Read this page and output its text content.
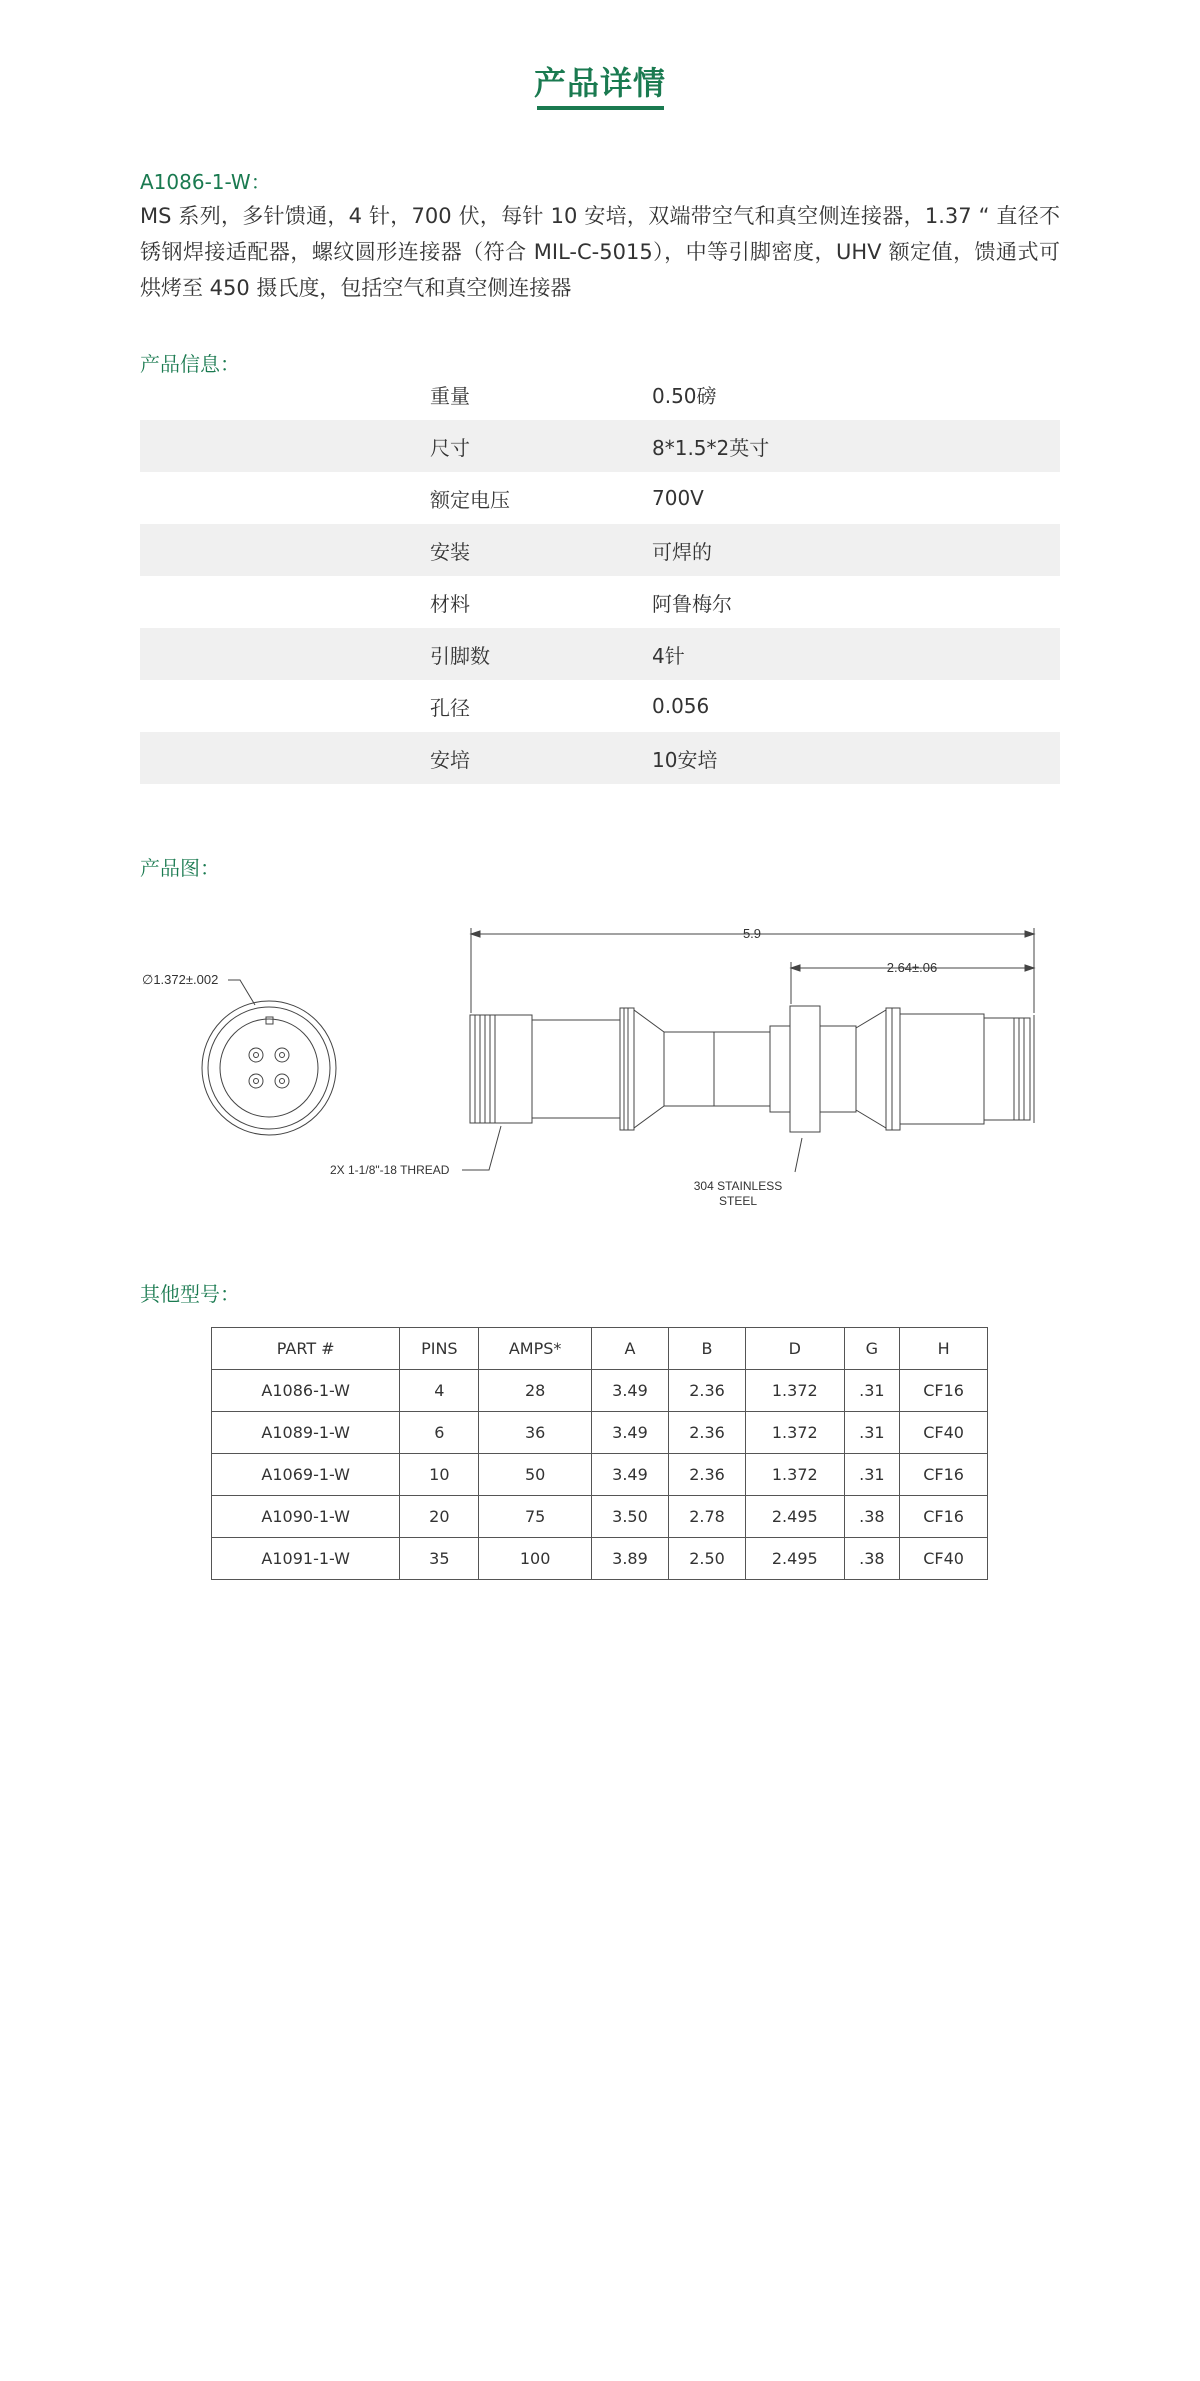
产品详情
A1086-1-W：
MS 系列，多针馈通，4 针，700 伏，每针 10 安培，双端带空气和真空侧连接器，1.37 “ 直径不锈钢焊接适配器，螺纹圆形连接器（符合 MIL-C-5015），中等引脚密度，UHV 额定值，馈通式可烘烤至 450 摄氏度，包括空气和真空侧连接器
产品信息：
重量	0.50磅
尺寸	8*1.5*2英寸
额定电压	700V
安装	可焊的
材料	阿鲁梅尔
引脚数	4针
孔径	0.056
安培	10安培
产品图：
∅1.372±.002
5.9
2.64±.06
2X 1-1/8"-18 THREAD
304 STAINLESS
STEEL
其他型号：
PART #	PINS	AMPS*	A	B	D	G	H
A1086-1-W	4	28	3.49	2.36	1.372	.31	CF16
A1089-1-W	6	36	3.49	2.36	1.372	.31	CF40
A1069-1-W	10	50	3.49	2.36	1.372	.31	CF16
A1090-1-W	20	75	3.50	2.78	2.495	.38	CF16
A1091-1-W	35	100	3.89	2.50	2.495	.38	CF40
